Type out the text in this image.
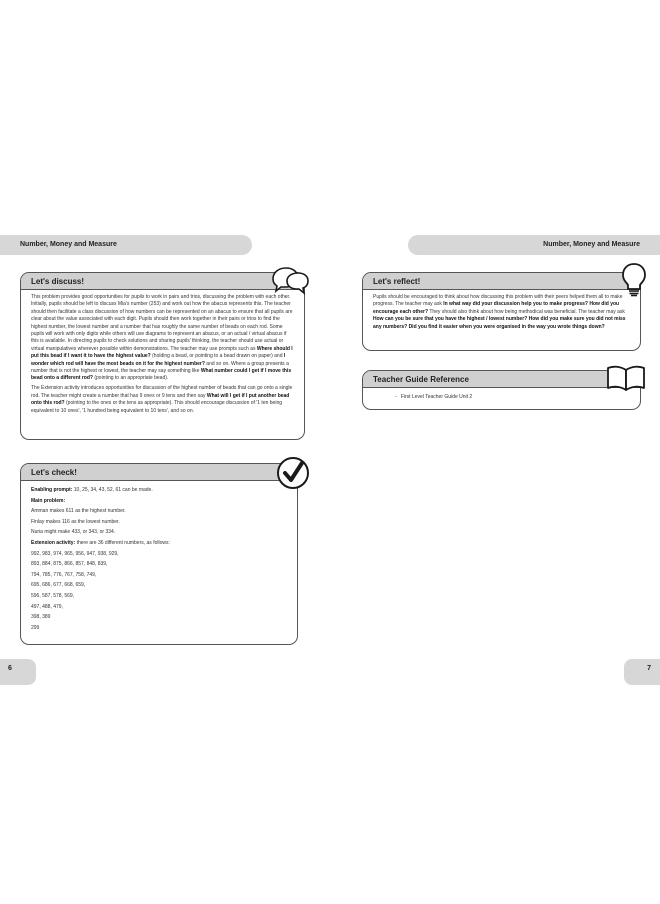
Number, Money and Measure
Let's discuss!

This problem provides good opportunities for pupils to work in pairs and trios, discussing the problem with each other. Initially, pupils should be left to discuss Mia's number (253) and work out how the abacus represents this. The teacher should then facilitate a class discussion of how numbers can be represented on an abacus to ensure that all pupils are clear about the value associated with each digit. Pupils should then work together in their pairs or trios to find the highest number, the lowest number and a number that has roughly the same number of beads on each rod. Some pupils will work with only digits while others will use diagrams to represent an abacus, or an actual / virtual abacus if this is available. In directing pupils to check solutions and sharing pupils' thinking, the teacher should use actual or virtual manipulatives wherever possible within demonstrations. The teacher may use prompts such as Where should I put this bead if I want it to have the highest value? (holding a bead, or pointing to a bead drawn on paper) and I wonder which rod will have the most beads on it for the highest number? and so on. Where a group presents a number that is not the highest or lowest, the teacher may say something like What number could I get if I move this bead onto a different rod? (pointing to an appropriate bead).

The Extension activity introduces opportunities for discussion of the highest number of beads that can go onto a single rod. The teacher might create a number that has 9 ones or 9 tens and then say What will I get if I put another bead onto this rod? (pointing to the ones or the tens as appropriate). This should encourage discussion of '1 ten being equivalent to 10 ones', '1 hundred being equivalent to 10 tens', and so on.

Let's check!

Enabling prompt: 10, 25, 34, 43, 52, 61 can be made.

Main problem:

Amman makes 611 as the highest number.

Finlay makes 116 as the lowest number.

Nuria might make 433, or 343, or 334.

Extension activity: there are 36 different numbers, as follows:

992, 983, 974, 965, 956, 947, 938, 929,

893, 884, 875, 866, 857, 848, 839,

794, 785, 776, 767, 758, 749,

695, 686, 677, 668, 659,

596, 587, 578, 569,

497, 488, 479,

398, 389

299

6
Number, Money and Measure
Let's reflect!

Pupils should be encouraged to think about how discussing this problem with their peers helped them all to make progress. The teacher may ask In what way did your discussion help you to make progress? How did you encourage each other? They should also think about how being methodical was beneficial. The teacher may ask How can you be sure that you have the highest / lowest number? How did you make sure you did not miss any numbers? Did you find it easier when you were organised in the way you wrote things down?

Teacher Guide Reference

- First Level Teacher Guide Unit 2

7
